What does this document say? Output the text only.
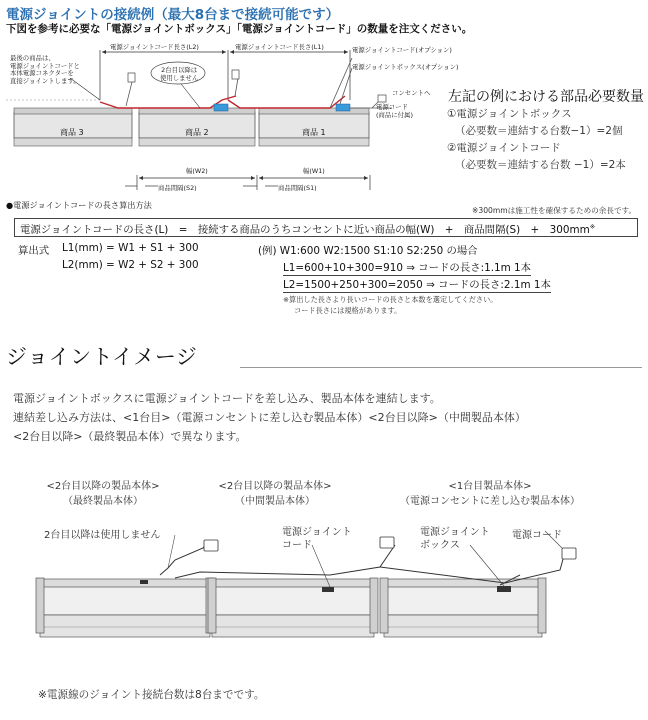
電源ジョイントの接続例（最大8台まで接続可能です）
下図を参考に必要な「電源ジョイントボックス」「電源ジョイントコード」の数量を注文ください。
最後の商品は、
電源ジョイントコードと
本体電源コネクターを
直接ジョイントします。
2台目以降は
使用しません
電源ジョイントコード長さ(L2)	電源ジョイントコード長さ(L1)	電源ジョイントコード(オプション)
電源ジョイントボックス(オプション)
コンセントへ
電源コード
(商品に付属)
商品 3	商品 2	商品 1
幅(W2)	幅(W1)
商品間隔(S2)	商品間隔(S1)
左記の例における部品必要数量
①電源ジョイントボックス
（必要数＝連結する台数−1）=2個
②電源ジョイントコード
（必要数＝連結する台数 −1）=2本
●電源ジョイントコードの長さ算出方法
※300mmは施工性を確保するための余長です。
電源ジョイントコードの長さ(L)　=　接続する商品のうちコンセントに近い商品の幅(W)　+　商品間隔(S)　+　300mm※
算出式 L1(mm) = W1 + S1 + 300
L2(mm) = W2 + S2 + 300
(例) W1:600 W2:1500 S1:10 S2:250 の場合
L1=600+10+300=910 ⇒ コードの長さ:1.1m 1本
L2=1500+250+300=2050 ⇒ コードの長さ:2.1m 1本
※算出した長さより長いコードの長さと本数を選定してください。
コード長さには規格があります。
ジョイントイメージ
電源ジョイントボックスに電源ジョイントコードを差し込み、製品本体を連結します。
連結差し込み方法は、<1台目>（電源コンセントに差し込む製品本体）<2台目以降>（中間製品本体）
<2台目以降>（最終製品本体）で異なります。
<2台目以降の製品本体>
（最終製品本体）
<2台目以降の製品本体>
（中間製品本体）
<1台目製品本体>
（電源コンセントに差し込む製品本体）
2台目以降は使用しません	電源ジョイント
コード
電源ジョイント
ボックス
電源コード
※電源線のジョイント接続台数は8台までです。
